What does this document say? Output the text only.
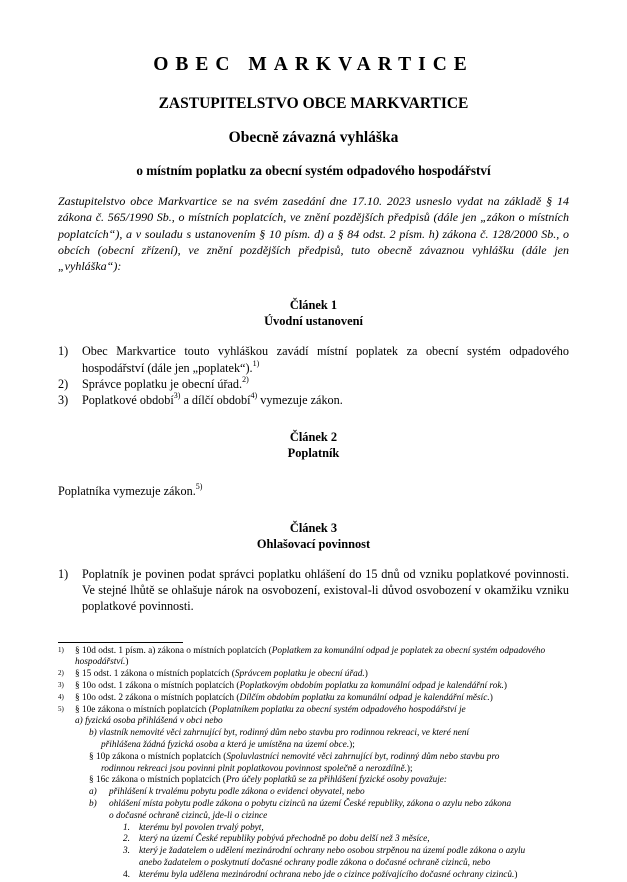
OBEC MARKVARTICE

ZASTUPITELSTVO OBCE MARKVARTICE

Obecně závazná vyhláška

o místním poplatku za obecní systém odpadového hospodářství

Zastupitelstvo obce Markvartice se na svém zasedání dne 17.10. 2023 usneslo vydat na základě § 14 zákona č. 565/1990 Sb., o místních poplatcích, ve znění pozdějších předpisů (dále jen „zákon o místních poplatcích“), a v souladu s ustanovením § 10 písm. d) a § 84 odst. 2 písm. h) zákona č. 128/2000 Sb., o obcích (obecní zřízení), ve znění pozdějších předpisů, tuto obecně závaznou vyhlášku (dále jen „vyhláška“):

Článek 1

Úvodní ustanovení

1) Obec Markvartice touto vyhláškou zavádí místní poplatek za obecní systém odpadového hospodářství (dále jen „poplatek“).$^{1)}$
2) Správce poplatku je obecní úřad.$^{2)}$
3) Poplatkové období$^{3)}$ a dílčí období$^{4)}$ vymezuje zákon.

Článek 2

Poplatník

Poplatníka vymezuje zákon.$^{5)}$

Článek 3

Ohlašovací povinnost

1) Poplatník je povinen podat správci poplatku ohlášení do 15 dnů od vzniku poplatkové povinnosti. Ve stejné lhůtě se ohlašuje nárok na osvobození, existoval-li důvod osvobození v okamžiku vzniku poplatkové povinnosti.
1) § 10d odst. 1 písm. a) zákona o místních poplatcích (Poplatkem za komunální odpad je poplatek za obecní systém odpadového hospodářství.)
2) § 15 odst. 1 zákona o místních poplatcích (Správcem poplatku je obecní úřad.)
3) § 10o odst. 1 zákona o místních poplatcích (Poplatkovým obdobím poplatku za komunální odpad je kalendářní rok.)
4) § 10o odst. 2 zákona o místních poplatcích (Dílčím obdobím poplatku za komunální odpad je kalendářní měsíc.)
5) § 10e zákona o místních poplatcích (Poplatníkem poplatku za obecní systém odpadového hospodářství je
a) fyzická osoba přihlášená v obci nebo
b) vlastník nemovité věci zahrnující byt, rodinný dům nebo stavbu pro rodinnou rekreaci, ve které není
přihlášena žádná fyzická osoba a která je umístěna na území obce.);
§ 10p zákona o místních poplatcích (Spoluvlastníci nemovité věci zahrnující byt, rodinný dům nebo stavbu pro
rodinnou rekreaci jsou povinni plnit poplatkovou povinnost společně a nerozdílně.);
§ 16c zákona o místních poplatcích (Pro účely poplatků se za přihlášení fyzické osoby považuje:
a) přihlášení k trvalému pobytu podle zákona o evidenci obyvatel, nebo
b) ohlášení místa pobytu podle zákona o pobytu cizinců na území České republiky, zákona o azylu nebo zákona
o dočasné ochraně cizinců, jde-li o cizince
1. kterému byl povolen trvalý pobyt,
2. který na území České republiky pobývá přechodně po dobu delší než 3 měsíce,
3. který je žadatelem o udělení mezinárodní ochrany nebo osobou strpěnou na území podle zákona o azylu
anebo žadatelem o poskytnutí dočasné ochrany podle zákona o dočasné ochraně cizinců, nebo
4. kterému byla udělena mezinárodní ochrana nebo jde o cizince požívajícího dočasné ochrany cizinců.)
